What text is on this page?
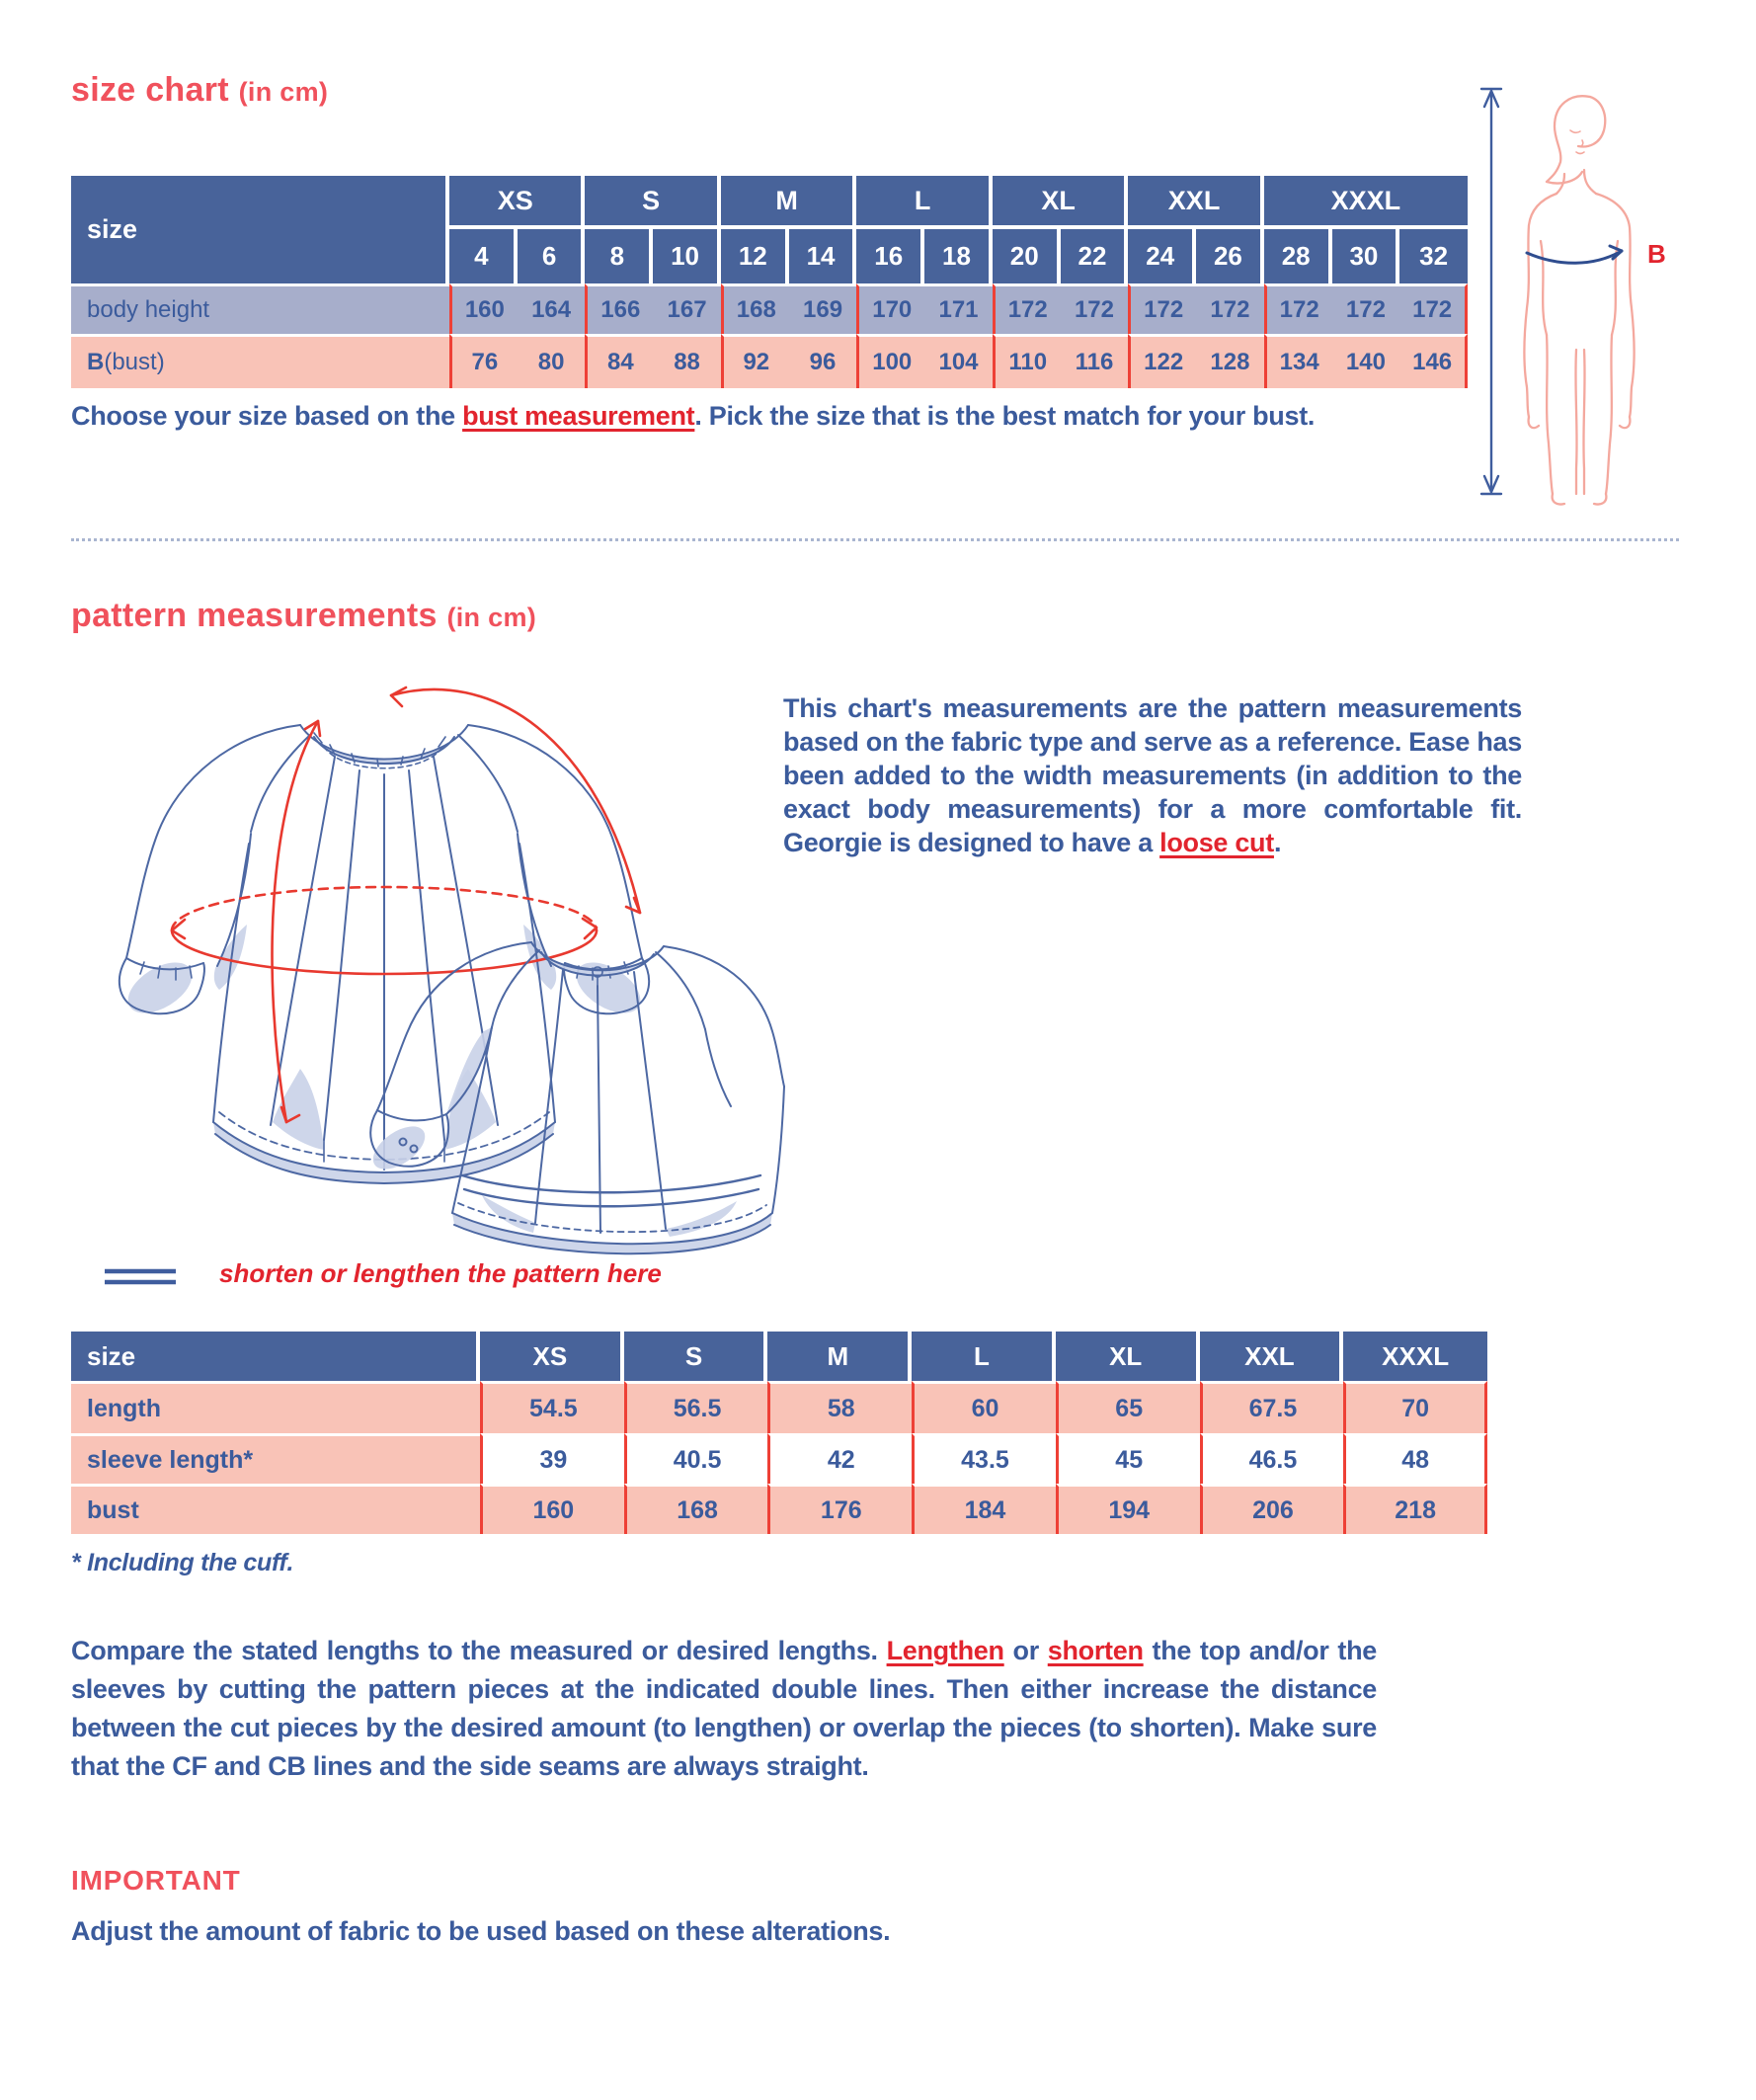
size chart (in cm)
size
XS	S	M	L	XL	XXL	XXXL
4	6	8	10	12	14	16	18	20	22	24	26	28	30	32
body height	160	164	166	167	168	169	170	171	172	172	172	172	172	172	172
B (bust)	76	80	84	88	92	96	100	104	110	116	122	128	134	140	146
B
Choose your size based on the bust measurement. Pick the size that is the best match for your bust.
pattern measurements (in cm)
This chart's measurements are the pattern measurements based on the fabric type and serve as a reference. Ease has been added to the width measurements (in addition to the exact body measurements) for a more comfortable fit. Georgie is designed to have a loose cut.
shorten or lengthen the pattern here
size	XS	S	M	L	XL	XXL	XXXL
length	54.5	56.5	58	60	65	67.5	70
sleeve length*	39	40.5	42	43.5	45	46.5	48
bust	160	168	176	184	194	206	218
* Including the cuff.
Compare the stated lengths to the measured or desired lengths. Lengthen or shorten the top and/or the sleeves by cutting the pattern pieces at the indicated double lines. Then either increase the distance between the cut pieces by the desired amount (to lengthen) or overlap the pieces (to shorten). Make sure that the CF and CB lines and the side seams are always straight.
IMPORTANT
Adjust the amount of fabric to be used based on these alterations.
